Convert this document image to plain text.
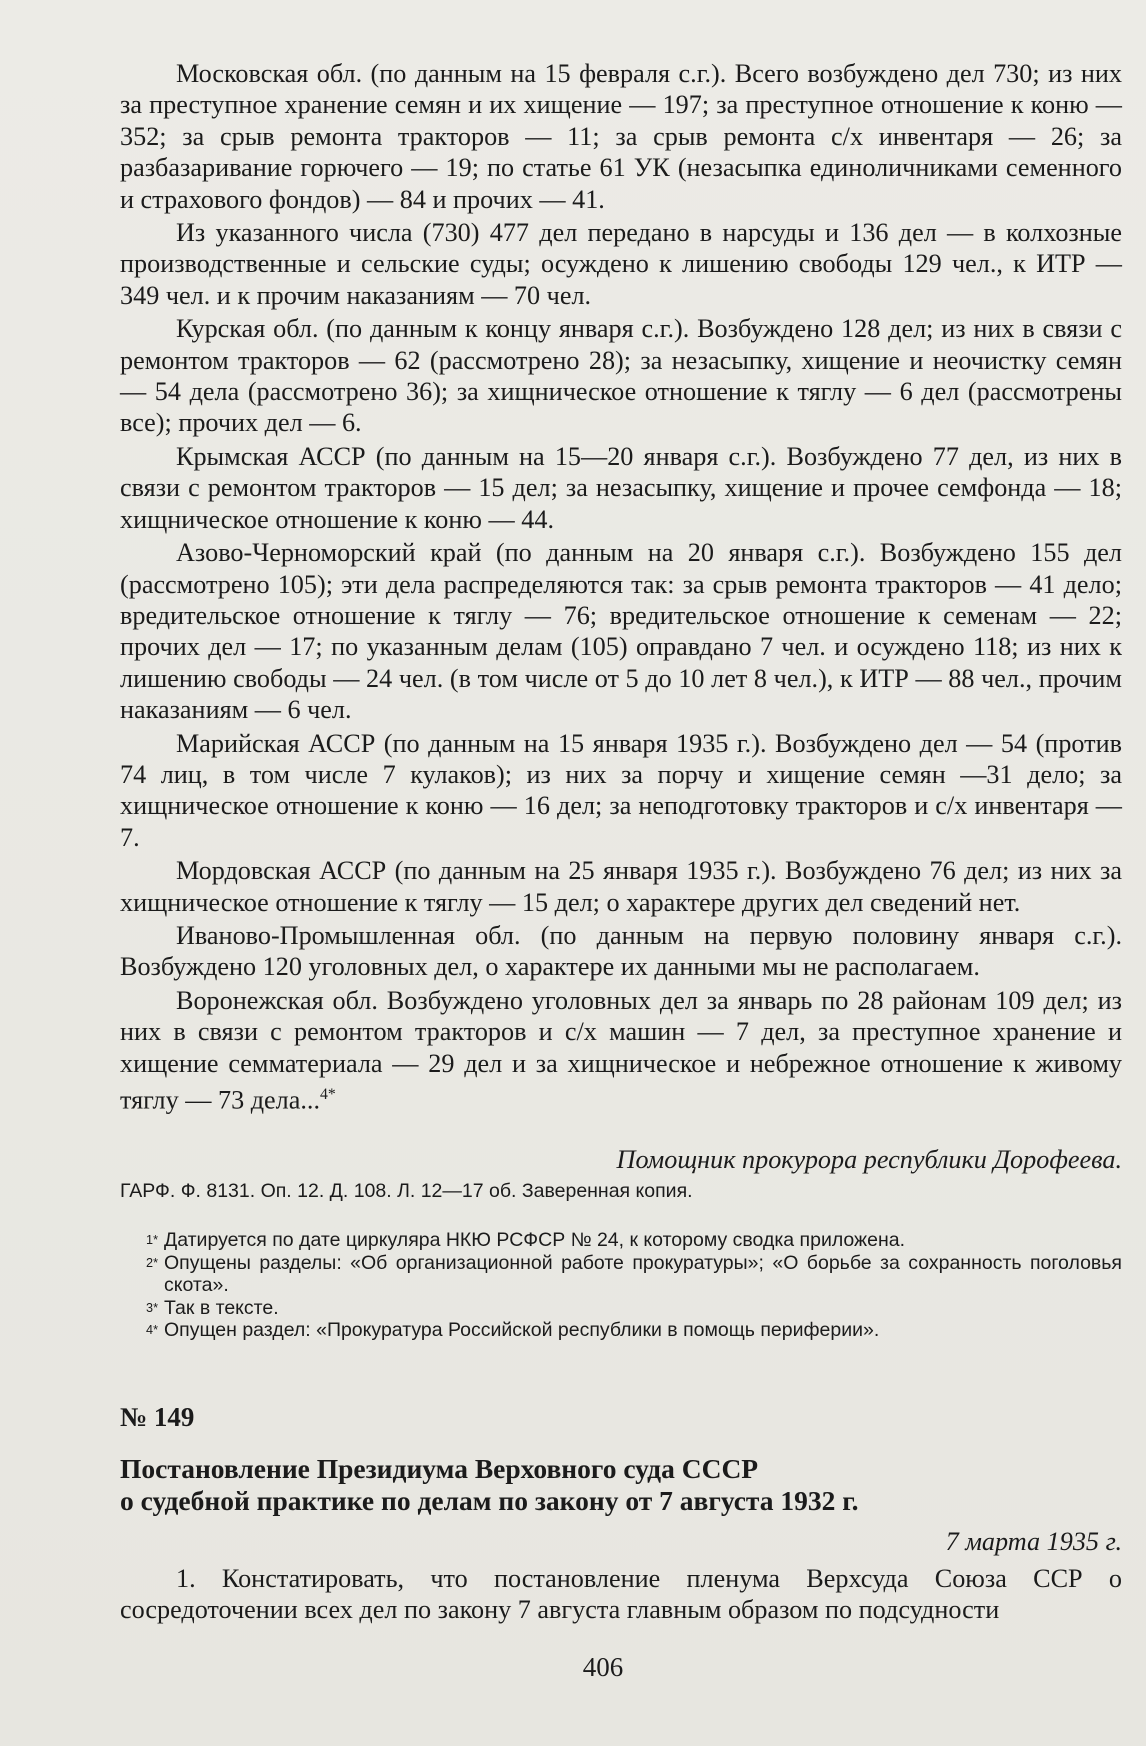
Московская обл. (по данным на 15 февраля с.г.). Всего возбуждено дел 730; из них за преступное хранение семян и их хищение — 197; за преступное отношение к коню — 352; за срыв ремонта тракторов — 11; за срыв ремонта с/х инвентаря — 26; за разбазаривание горючего — 19; по статье 61 УК (незасыпка единоличниками семенного и страхового фондов) — 84 и прочих — 41.

Из указанного числа (730) 477 дел передано в нарсуды и 136 дел — в колхозные производственные и сельские суды; осуждено к лишению свободы 129 чел., к ИТР — 349 чел. и к прочим наказаниям — 70 чел.

Курская обл. (по данным к концу января с.г.). Возбуждено 128 дел; из них в связи с ремонтом тракторов — 62 (рассмотрено 28); за незасыпку, хищение и неочистку семян — 54 дела (рассмотрено 36); за хищническое отношение к тяглу — 6 дел (рассмотрены все); прочих дел — 6.

Крымская АССР (по данным на 15—20 января с.г.). Возбуждено 77 дел, из них в связи с ремонтом тракторов — 15 дел; за незасыпку, хищение и прочее семфонда — 18; хищническое отношение к коню — 44.

Азово-Черноморский край (по данным на 20 января с.г.). Возбуждено 155 дел (рассмотрено 105); эти дела распределяются так: за срыв ремонта тракторов — 41 дело; вредительское отношение к тяглу — 76; вредительское отношение к семенам — 22; прочих дел — 17; по указанным делам (105) оправдано 7 чел. и осуждено 118; из них к лишению свободы — 24 чел. (в том числе от 5 до 10 лет 8 чел.), к ИТР — 88 чел., прочим наказаниям — 6 чел.

Марийская АССР (по данным на 15 января 1935 г.). Возбуждено дел — 54 (против 74 лиц, в том числе 7 кулаков); из них за порчу и хищение семян —31 дело; за хищническое отношение к коню — 16 дел; за неподготовку тракторов и с/х инвентаря — 7.

Мордовская АССР (по данным на 25 января 1935 г.). Возбуждено 76 дел; из них за хищническое отношение к тяглу — 15 дел; о характере других дел сведений нет.

Иваново-Промышленная обл. (по данным на первую половину января с.г.). Возбуждено 120 уголовных дел, о характере их данными мы не располагаем.

Воронежская обл. Возбуждено уголовных дел за январь по 28 районам 109 дел; из них в связи с ремонтом тракторов и с/х машин — 7 дел, за преступное хранение и хищение семматериала — 29 дел и за хищническое и небрежное отношение к живому тяглу — 73 дела...$^{4*}$

Помощник прокурора республики Дорофеева.
ГАРФ. Ф. 8131. Оп. 12. Д. 108. Л. 12—17 об. Заверенная копия.
$^{1*}$ Датируется по дате циркуляра НКЮ РСФСР № 24, к которому сводка приложена.
$^{2*}$ Опущены разделы: «Об организационной работе прокуратуры»; «О борьбе за сохранность поголовья скота».
$^{3*}$ Так в тексте.
$^{4*}$ Опущен раздел: «Прокуратура Российской республики в помощь периферии».
№ 149
Постановление Президиума Верховного суда СССР
о судебной практике по делам по закону от 7 августа 1932 г.
7 марта 1935 г.

1. Констатировать, что постановление пленума Верхсуда Союза ССР о сосредоточении всех дел по закону 7 августа главным образом по подсудности

406
